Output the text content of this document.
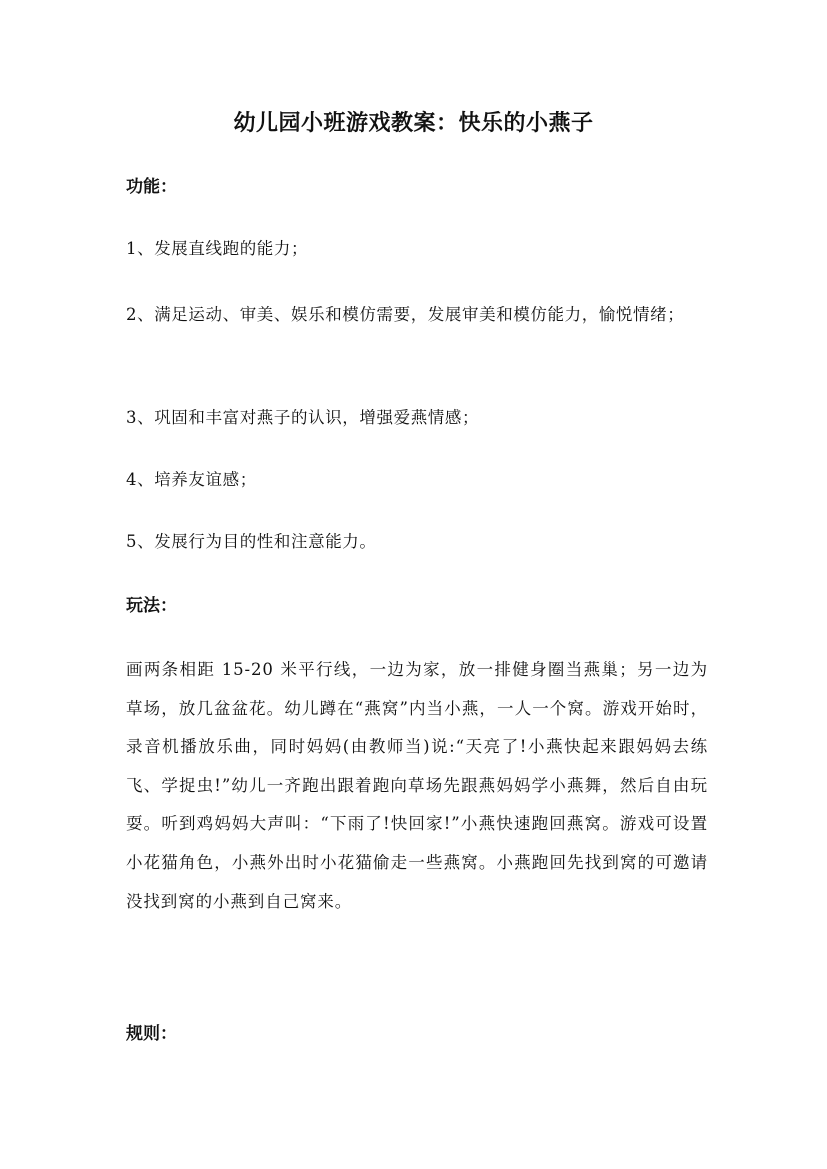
幼儿园小班游戏教案：快乐的小燕子
功能：

1、发展直线跑的能力；

2、满足运动、审美、娱乐和模仿需要，发展审美和模仿能力，愉悦情绪；

3、巩固和丰富对燕子的认识，增强爱燕情感；

4、培养友谊感；

5、发展行为目的性和注意能力。

玩法：

画两条相距 15-20 米平行线，一边为家，放一排健身圈当燕巢；另一边为草场，放几盆盆花。幼儿蹲在“燕窝”内当小燕，一人一个窝。游戏开始时，录音机播放乐曲，同时妈妈(由教师当)说:“天亮了!小燕快起来跟妈妈去练飞、学捉虫!”幼儿一齐跑出跟着跑向草场先跟燕妈妈学小燕舞，然后自由玩耍。听到鸡妈妈大声叫：“下雨了!快回家!”小燕快速跑回燕窝。游戏可设置小花猫角色，小燕外出时小花猫偷走一些燕窝。小燕跑回先找到窝的可邀请没找到窝的小燕到自己窝来。

规则：
